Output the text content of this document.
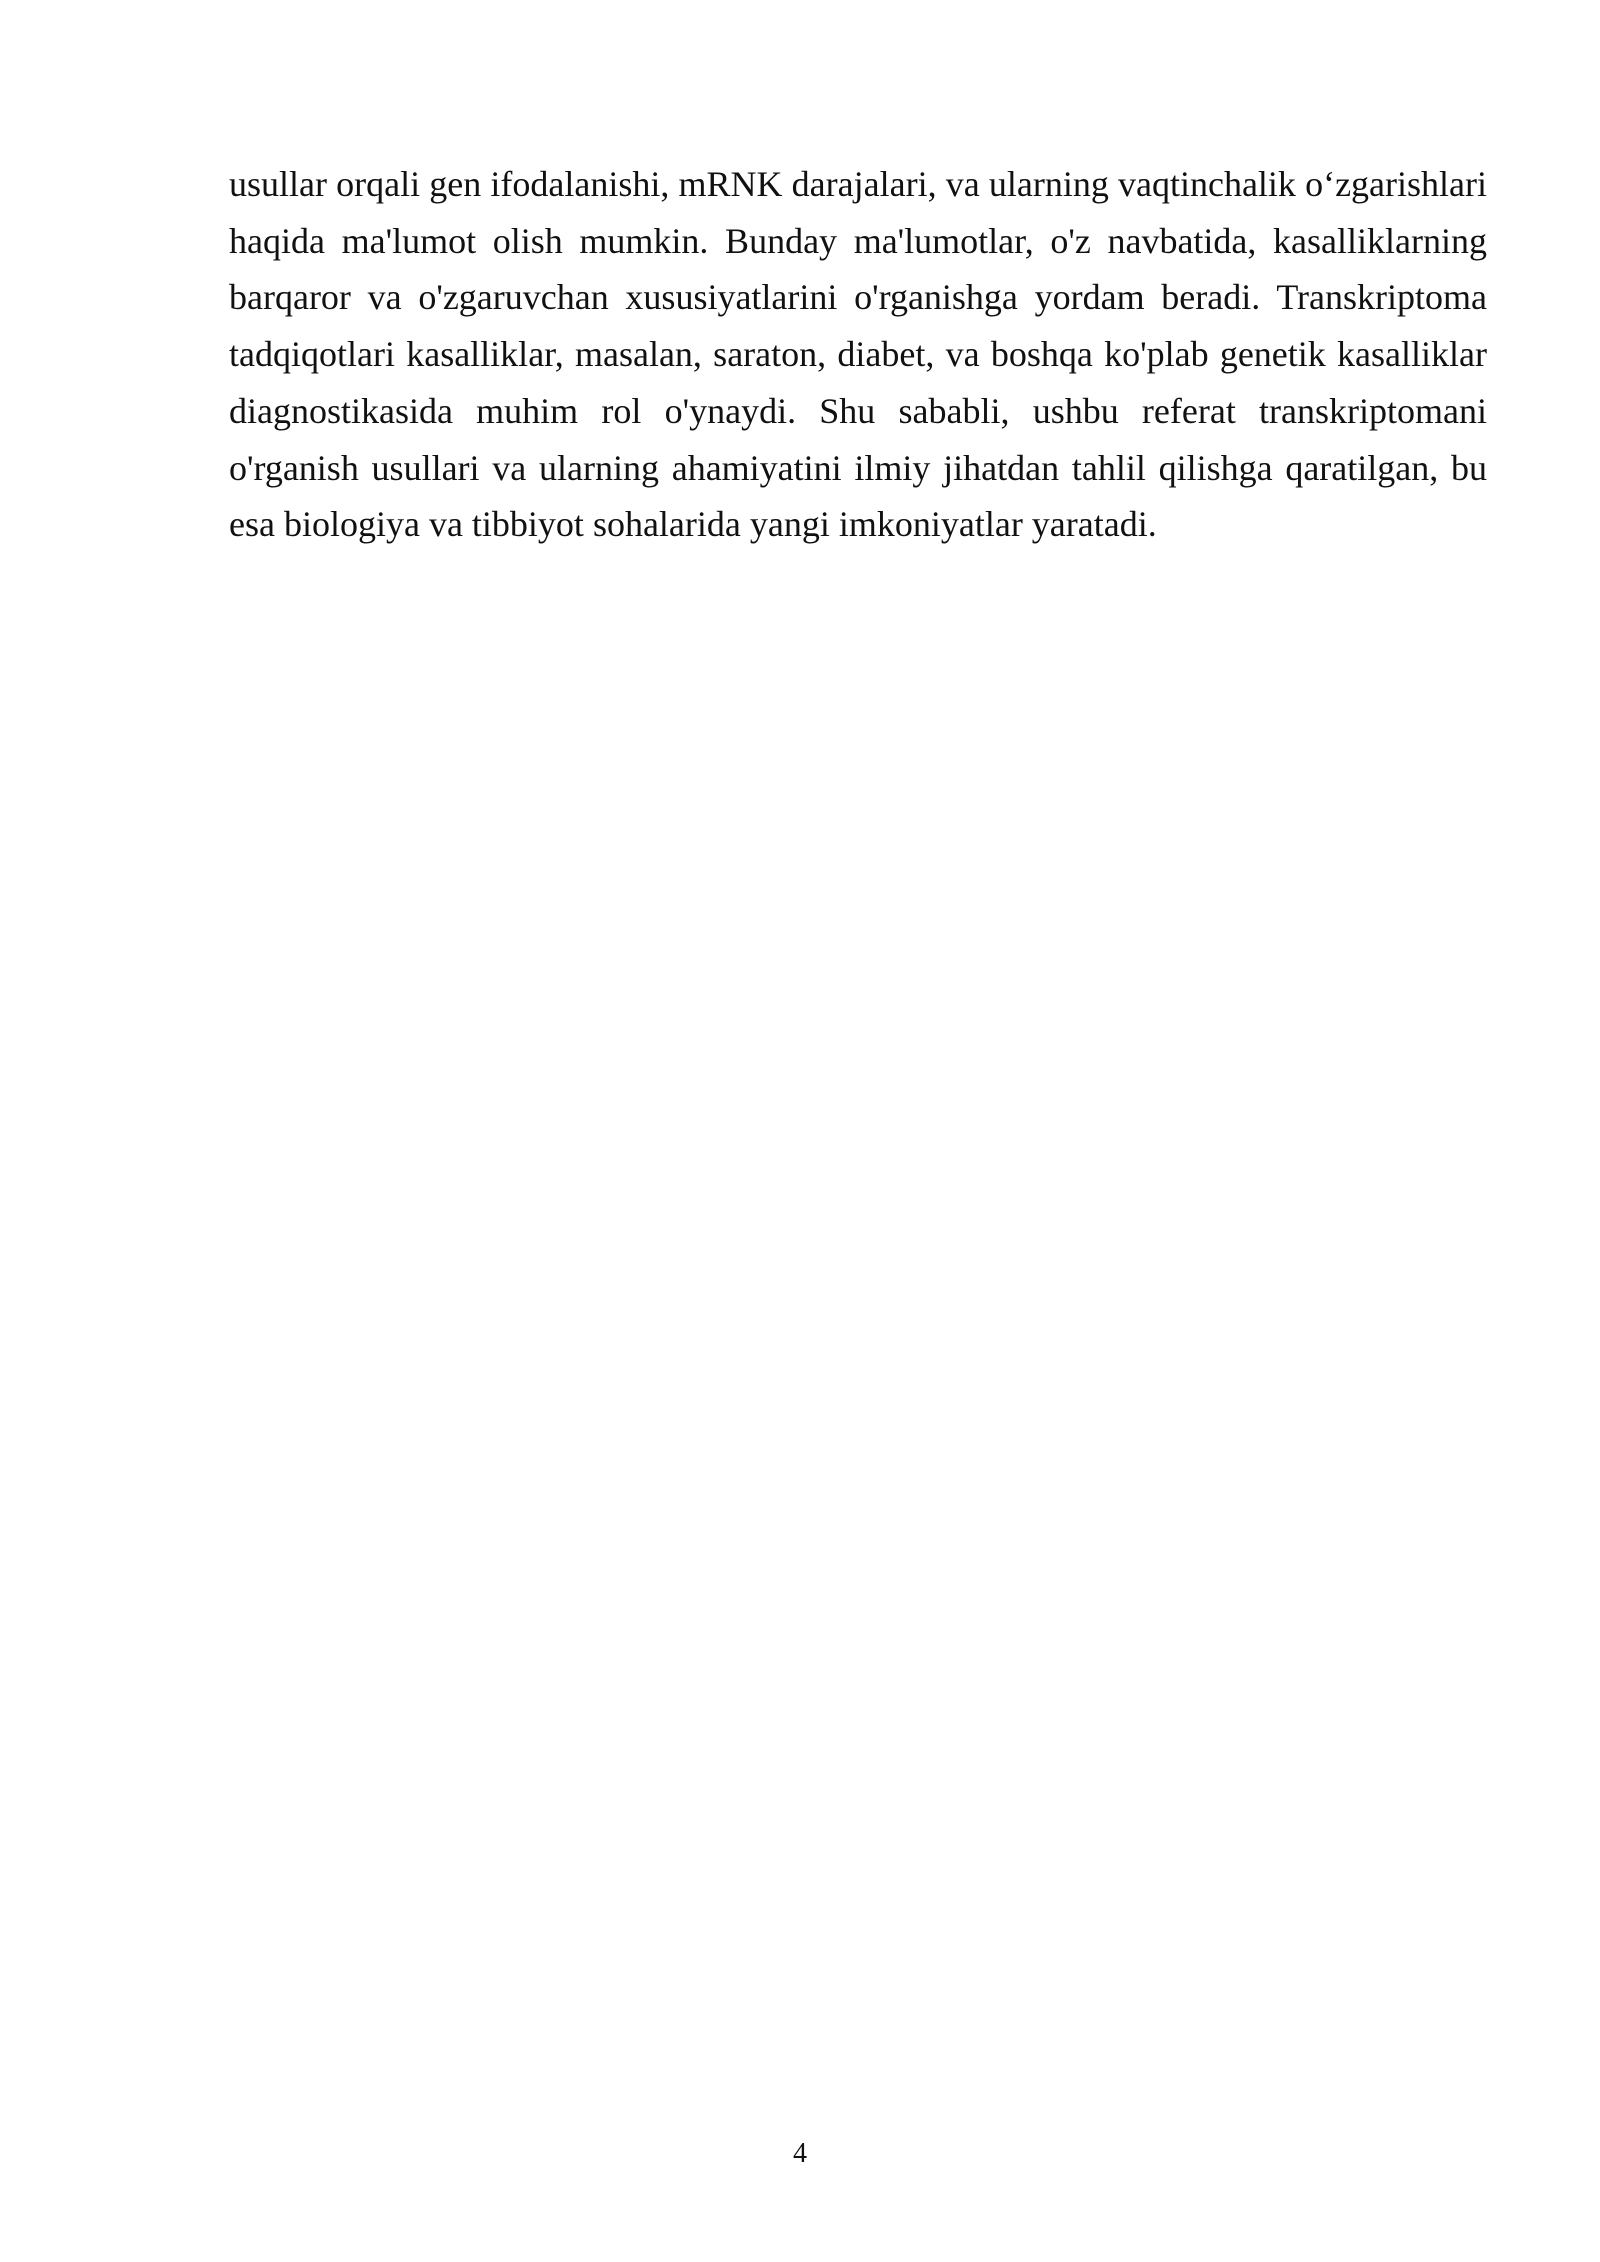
usullar orqali gen ifodalanishi, mRNK darajalari, va ularning vaqtinchalik o‘zgarishlari haqida ma'lumot olish mumkin. Bunday ma'lumotlar, o'z navbatida, kasalliklarning barqaror va o'zgaruvchan xususiyatlarini o'rganishga yordam beradi. Transkriptoma tadqiqotlari kasalliklar, masalan, saraton, diabet, va boshqa ko'plab genetik kasalliklar diagnostikasida muhim rol o'ynaydi. Shu sababli, ushbu referat transkriptomani o'rganish usullari va ularning ahamiyatini ilmiy jihatdan tahlil qilishga qaratilgan, bu esa biologiya va tibbiyot sohalarida yangi imkoniyatlar yaratadi.

4
